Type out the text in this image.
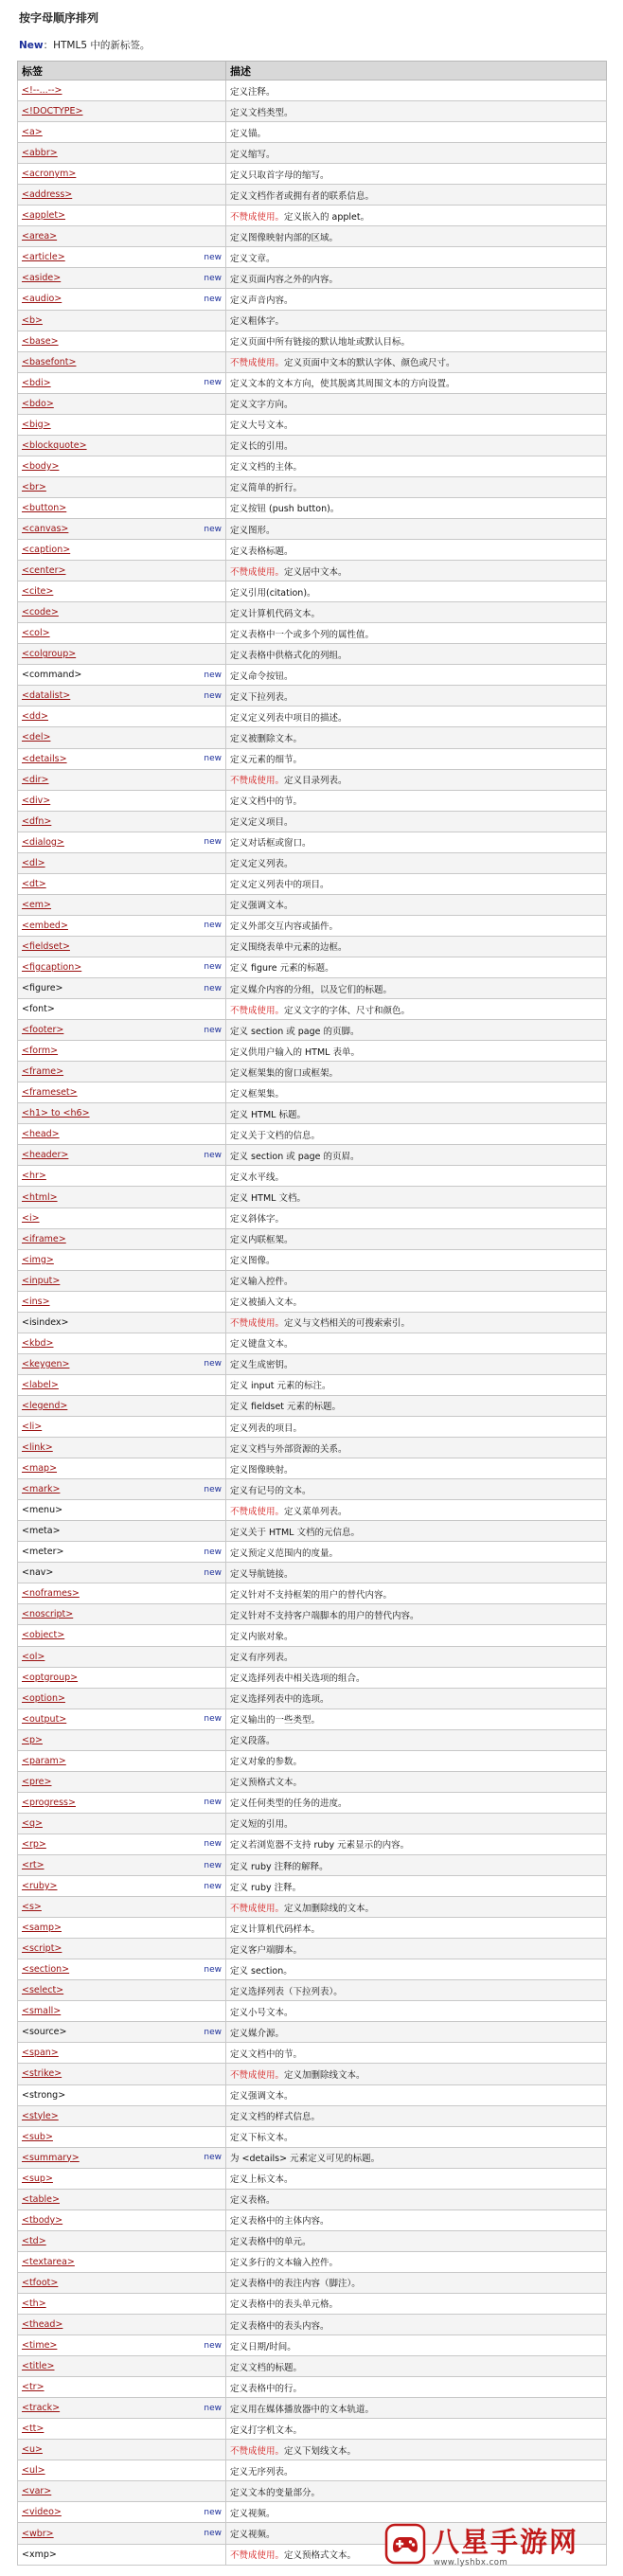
按字母顺序排列
New：HTML5 中的新标签。
标签	描述
<!--...-->	定义注释。
<!DOCTYPE>	定义文档类型。
<a>	定义锚。
<abbr>	定义缩写。
<acronym>	定义只取首字母的缩写。
<address>	定义文档作者或拥有者的联系信息。
<applet>	不赞成使用。定义嵌入的 applet。
<area>	定义图像映射内部的区域。
<article> new	定义文章。
<aside> new	定义页面内容之外的内容。
<audio> new	定义声音内容。
<b>	定义粗体字。
<base>	定义页面中所有链接的默认地址或默认目标。
<basefont>	不赞成使用。定义页面中文本的默认字体、颜色或尺寸。
<bdi> new	定义文本的文本方向，使其脱离其周围文本的方向设置。
<bdo>	定义文字方向。
<big>	定义大号文本。
<blockquote>	定义长的引用。
<body>	定义文档的主体。
<br>	定义简单的折行。
<button>	定义按钮 (push button)。
<canvas> new	定义图形。
<caption>	定义表格标题。
<center>	不赞成使用。定义居中文本。
<cite>	定义引用(citation)。
<code>	定义计算机代码文本。
<col>	定义表格中一个或多个列的属性值。
<colgroup>	定义表格中供格式化的列组。
<command> new	定义命令按钮。
<datalist> new	定义下拉列表。
<dd>	定义定义列表中项目的描述。
<del>	定义被删除文本。
<details> new	定义元素的细节。
<dir>	不赞成使用。定义目录列表。
<div>	定义文档中的节。
<dfn>	定义定义项目。
<dialog> new	定义对话框或窗口。
<dl>	定义定义列表。
<dt>	定义定义列表中的项目。
<em>	定义强调文本。
<embed> new	定义外部交互内容或插件。
<fieldset>	定义围绕表单中元素的边框。
<figcaption> new	定义 figure 元素的标题。
<figure> new	定义媒介内容的分组，以及它们的标题。
<font>	不赞成使用。定义文字的字体、尺寸和颜色。
<footer> new	定义 section 或 page 的页脚。
<form>	定义供用户输入的 HTML 表单。
<frame>	定义框架集的窗口或框架。
<frameset>	定义框架集。
<h1> to <h6>	定义 HTML 标题。
<head>	定义关于文档的信息。
<header> new	定义 section 或 page 的页眉。
<hr>	定义水平线。
<html>	定义 HTML 文档。
<i>	定义斜体字。
<iframe>	定义内联框架。
<img>	定义图像。
<input>	定义输入控件。
<ins>	定义被插入文本。
<isindex>	不赞成使用。定义与文档相关的可搜索索引。
<kbd>	定义键盘文本。
<keygen> new	定义生成密钥。
<label>	定义 input 元素的标注。
<legend>	定义 fieldset 元素的标题。
<li>	定义列表的项目。
<link>	定义文档与外部资源的关系。
<map>	定义图像映射。
<mark> new	定义有记号的文本。
<menu>	不赞成使用。定义菜单列表。
<meta>	定义关于 HTML 文档的元信息。
<meter> new	定义预定义范围内的度量。
<nav> new	定义导航链接。
<noframes>	定义针对不支持框架的用户的替代内容。
<noscript>	定义针对不支持客户端脚本的用户的替代内容。
<object>	定义内嵌对象。
<ol>	定义有序列表。
<optgroup>	定义选择列表中相关选项的组合。
<option>	定义选择列表中的选项。
<output> new	定义输出的一些类型。
<p>	定义段落。
<param>	定义对象的参数。
<pre>	定义预格式文本。
<progress> new	定义任何类型的任务的进度。
<q>	定义短的引用。
<rp> new	定义若浏览器不支持 ruby 元素显示的内容。
<rt> new	定义 ruby 注释的解释。
<ruby> new	定义 ruby 注释。
<s>	不赞成使用。定义加删除线的文本。
<samp>	定义计算机代码样本。
<script>	定义客户端脚本。
<section> new	定义 section。
<select>	定义选择列表（下拉列表）。
<small>	定义小号文本。
<source> new	定义媒介源。
<span>	定义文档中的节。
<strike>	不赞成使用。定义加删除线文本。
<strong>	定义强调文本。
<style>	定义文档的样式信息。
<sub>	定义下标文本。
<summary> new	为 <details> 元素定义可见的标题。
<sup>	定义上标文本。
<table>	定义表格。
<tbody>	定义表格中的主体内容。
<td>	定义表格中的单元。
<textarea>	定义多行的文本输入控件。
<tfoot>	定义表格中的表注内容（脚注）。
<th>	定义表格中的表头单元格。
<thead>	定义表格中的表头内容。
<time> new	定义日期/时间。
<title>	定义文档的标题。
<tr>	定义表格中的行。
<track> new	定义用在媒体播放器中的文本轨道。
<tt>	定义打字机文本。
<u>	不赞成使用。定义下划线文本。
<ul>	定义无序列表。
<var>	定义文本的变量部分。
<video> new	定义视频。
<wbr> new	定义视频。
<xmp>	不赞成使用。定义预格式文本。	八星手游网
www.lyshbx.com
